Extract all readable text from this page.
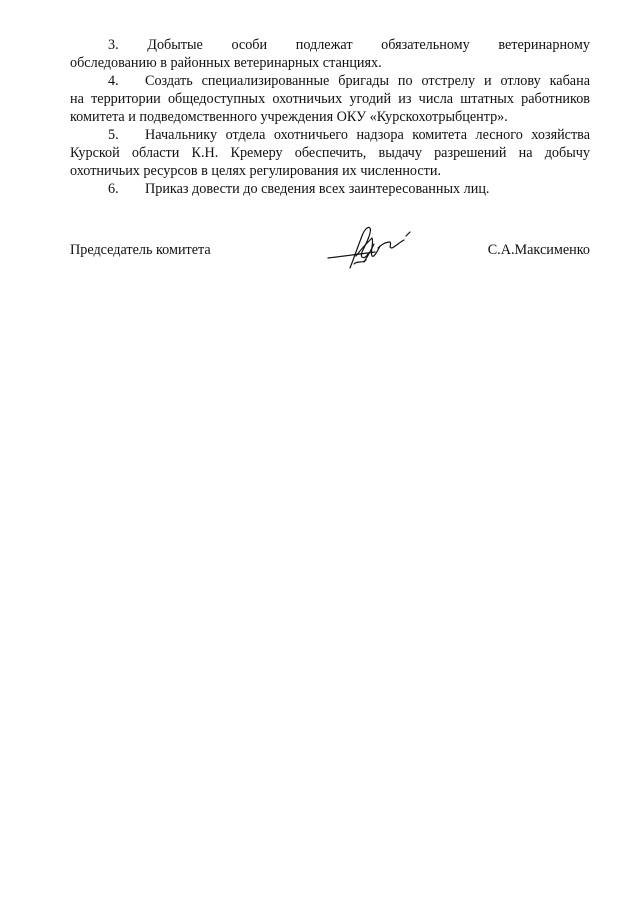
3. Добытые особи подлежат обязательному ветеринарному

обследованию в районных ветеринарных станциях.

4. Создать специализированные бригады по отстрелу и отлову кабана

на территории общедоступных охотничьих угодий из числа штатных работников

комитета и подведомственного учреждения ОКУ «Курскохотрыбцентр».

5. Начальнику отдела охотничьего надзора комитета лесного хозяйства

Курской области К.Н. Кремеру обеспечить, выдачу разрешений на добычу

охотничьих ресурсов в целях регулирования их численности.

6. Приказ довести до сведения всех заинтересованных лиц.

Председатель комитета	С.А.Максименко
